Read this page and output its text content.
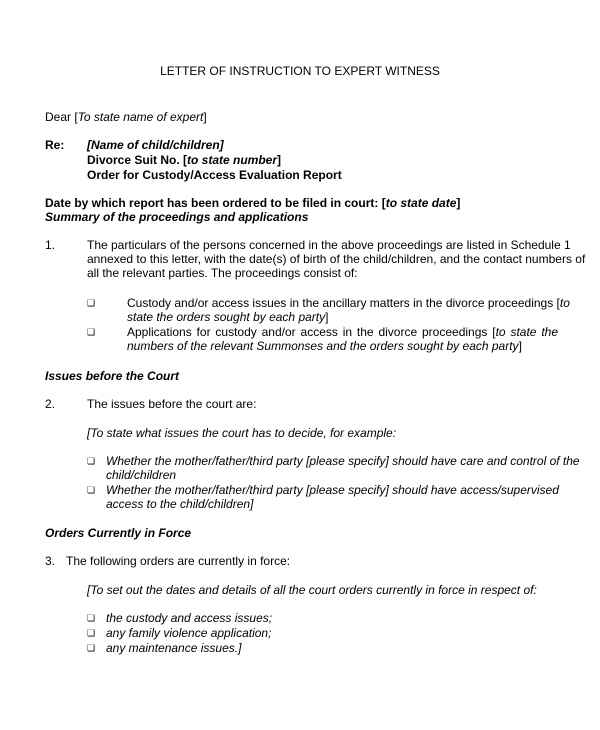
LETTER OF INSTRUCTION TO EXPERT WITNESS
Dear [To state name of expert]
Re: [Name of child/children]
Divorce Suit No. [to state number]
Order for Custody/Access Evaluation Report
Date by which report has been ordered to be filed in court: [to state date]
Summary of the proceedings and applications
1.	The particulars of the persons concerned in the above proceedings are listed in Schedule 1
annexed to this letter, with the date(s) of birth of the child/children, and the contact numbers of
all the relevant parties. The proceedings consist of:
❑	Custody and/or access issues in the ancillary matters in the divorce proceedings [to
state the orders sought by each party]
❑	Applications for custody and/or access in the divorce proceedings [to state the
numbers of the relevant Summonses and the orders sought by each party]
Issues before the Court
2.	The issues before the court are:
[To state what issues the court has to decide, for example:
❑ Whether the mother/father/third party [please specify] should have care and control of the
child/children
❑ Whether the mother/father/third party [please specify] should have access/supervised
access to the child/children]
Orders Currently in Force
3. The following orders are currently in force:
[To set out the dates and details of all the court orders currently in force in respect of:
❑ the custody and access issues;
❑ any family violence application;
❑ any maintenance issues.]
